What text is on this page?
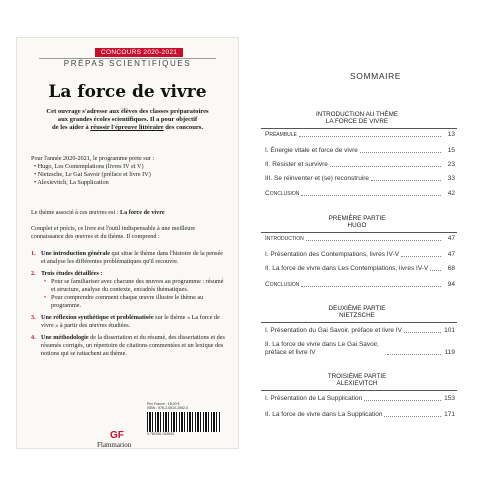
CONCOURS 2020-2021
PRÉPAS SCIENTIFIQUES
La force de vivre
Cet ouvrage s'adresse aux élèves des classes préparatoires
aux grandes écoles scientifiques. Il a pour objectif
de les aider à réussir l'épreuve littéraire des concours.
Pour l'année 2020-2021, le programme porte sur :
• Hugo, Les Contemplations (livres IV et V)
• Nietzsche, Le Gai Savoir (préface et livre IV)
• Alexievitch, La Supplication
Le thème associé à ces œuvres est : La force de vivre
Complet et précis, ce livre est l'outil indispensable à une meilleure
connaissance des œuvres et du thème. Il comprend :
1. Une introduction générale qui situe le thème dans l'histoire de la pensée et analyse les différentes problématiques qu'il recouvre.
2. Trois études détaillées :
• Pour se familiariser avec chacune des œuvres au programme : résumé et structure, analyse du contexte, encadrés thématiques.
• Pour comprendre comment chaque œuvre illustre le thème au programme.
3. Une réflexion synthétique et problématisée sur le thème « La force de vivre » à partir des œuvres étudiées.
4. Une méthodologie de la dissertation et du résumé, des dissertations et des résumés corrigés, un répertoire de citations commentées et un lexique des notions qui se rattachent au thème.
Prix France : 18,00 €
ISBN : 978-2-0810-1592-0
9 782081 015920
GF
Flammarion
SOMMAIRE
INTRODUCTION AU THÈME
LA FORCE DE VIVRE
Préambule	13
I. Énergie vitale et force de vivre	15
II. Résister et survivre	23
III. Se réinventer et (se) reconstruire	33
Conclusion	42
PREMIÈRE PARTIE
HUGO
Introduction	47
I. Présentation des Contemplations, livres IV-V	47
II. La force de vivre dans Les Contemplations, livres IV-V	68
Conclusion	94
DEUXIÈME PARTIE
NIETZSCHE
I. Présentation du Gai Savoir, préface et livre IV	101
II. La force de vivre dans Le Gai Savoir, préface et livre IV	119
TROISIÈME PARTIE
ALEXIEVITCH
I. Présentation de La Supplication	153
II. La force de vivre dans La Supplication	171
